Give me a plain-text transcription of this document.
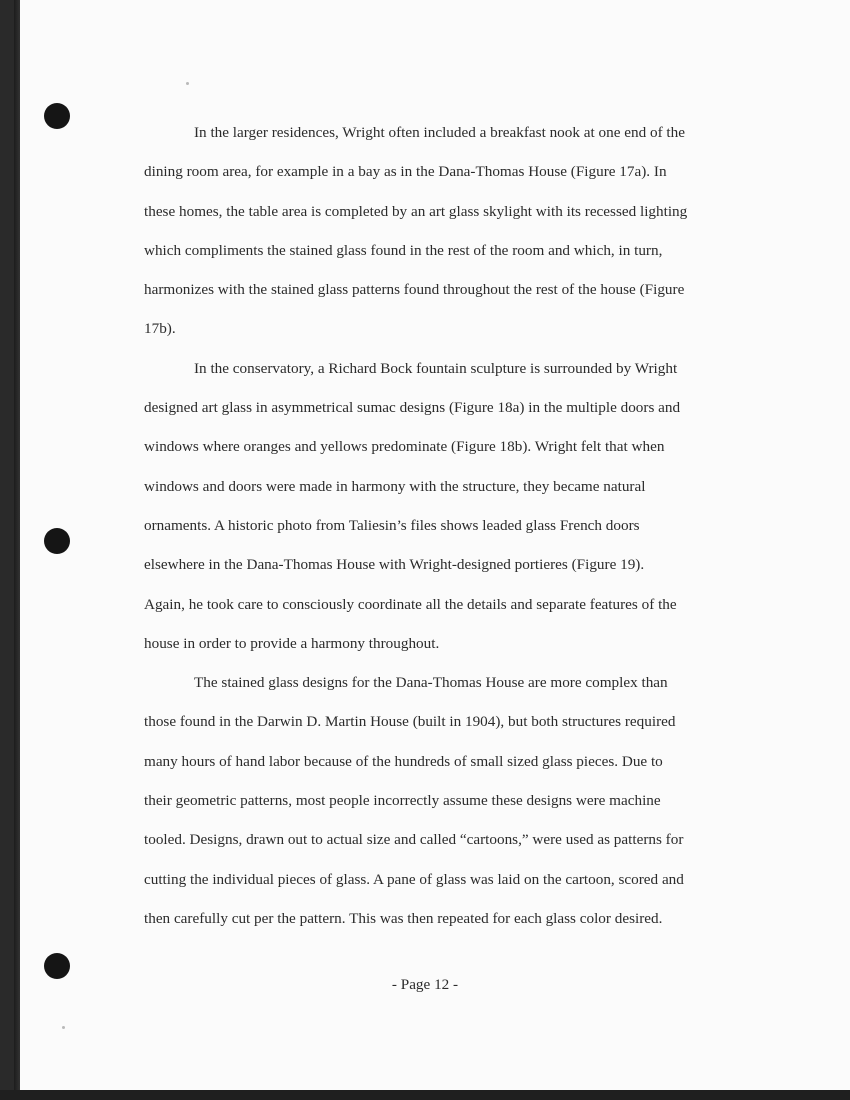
In the larger residences, Wright often included a breakfast nook at one end of the
dining room area, for example in a bay as in the Dana-Thomas House (Figure 17a). In
these homes, the table area is completed by an art glass skylight with its recessed lighting
which compliments the stained glass found in the rest of the room and which, in turn,
harmonizes with the stained glass patterns found throughout the rest of the house (Figure
17b).

In the conservatory, a Richard Bock fountain sculpture is surrounded by Wright
designed art glass in asymmetrical sumac designs (Figure 18a) in the multiple doors and
windows where oranges and yellows predominate (Figure 18b). Wright felt that when
windows and doors were made in harmony with the structure, they became natural
ornaments. A historic photo from Taliesin’s files shows leaded glass French doors
elsewhere in the Dana-Thomas House with Wright-designed portieres (Figure 19).
Again, he took care to consciously coordinate all the details and separate features of the
house in order to provide a harmony throughout.

The stained glass designs for the Dana-Thomas House are more complex than
those found in the Darwin D. Martin House (built in 1904), but both structures required
many hours of hand labor because of the hundreds of small sized glass pieces. Due to
their geometric patterns, most people incorrectly assume these designs were machine
tooled. Designs, drawn out to actual size and called “cartoons,” were used as patterns for
cutting the individual pieces of glass. A pane of glass was laid on the cartoon, scored and
then carefully cut per the pattern. This was then repeated for each glass color desired.

- Page 12 -
